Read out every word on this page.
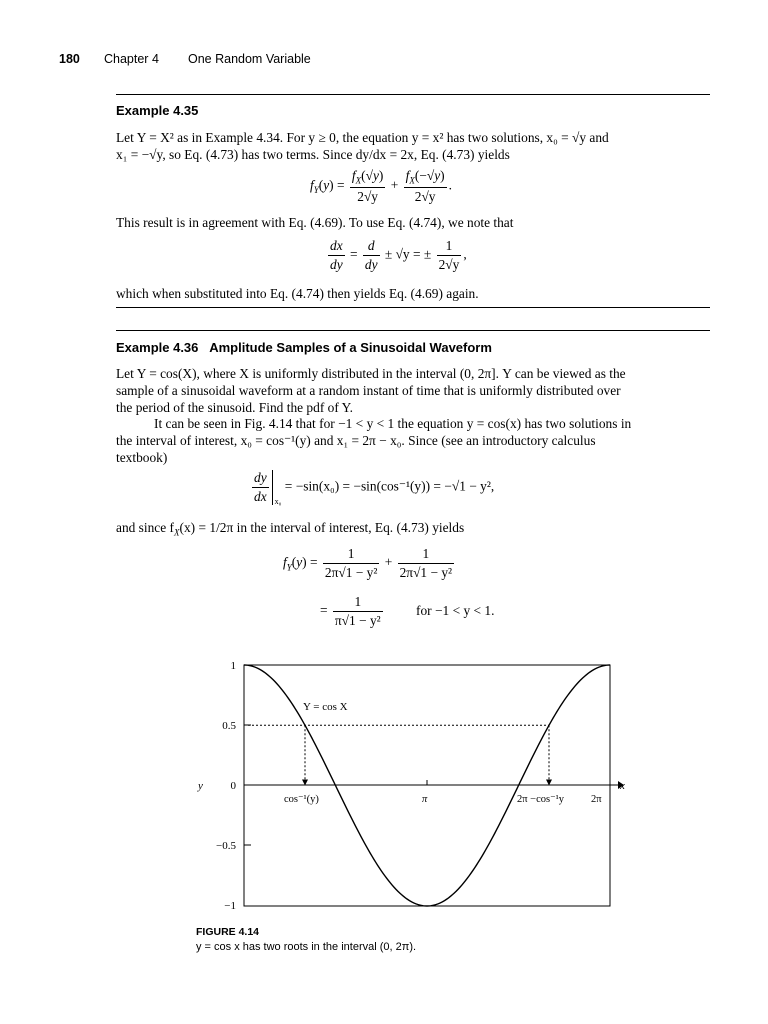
180 Chapter 4 One Random Variable
Example 4.35
Let Y = X² as in Example 4.34. For y ≥ 0, the equation y = x² has two solutions, x₀ = √y and
x₁ = −√y, so Eq. (4.73) has two terms. Since dy/dx = 2x, Eq. (4.73) yields
$f_Y(y) = \frac{f_X(√y)}{2√y} + \frac{f_X(-√y)}{2√y}$ .
This result is in agreement with Eq. (4.69). To use Eq. (4.74), we note that
$\frac{dx}{dy} = \frac{d}{dy} \pm √y$ = ± $\frac{1}{2√y}$ ,
which when substituted into Eq. (4.74) then yields Eq. (4.69) again.
Example 4.36 Amplitude Samples of a Sinusoidal Waveform
Let Y = cos(X), where X is uniformly distributed in the interval (0, 2π]. Y can be viewed as the
sample of a sinusoidal waveform at a random instant of time that is uniformly distributed over
the period of the sinusoid. Find the pdf of Y.
It can be seen in Fig. 4.14 that for −1 < y < 1 the equation y = cos(x) has two solutions in
the interval of interest, x₀ = cos⁻¹(y) and x₁ = 2π − x₀. Since (see an introductory calculus
textbook)
$\frac{dy}{dx} _{x_0} = -\sin(x_0) = -\sin(\cos^{-1}(y)) = -√1 - y^2$,
and since $f_X(x) = 1/2\pi$ in the interval of interest, Eq. (4.73) yields
$f_Y(y) = \frac{1}{\text{2π√1 − y²}} + \frac{1}{\text{2π√1 − y²}}$
= $\frac{1}{\text{π√1 − y²}}$ for −1 < y < 1.
1
0.5
0
−0.5
−1
y	x
Y = cos X
cos⁻¹(y)	π	2π −cos⁻¹y	2π
FIGURE 4.14
y = cos x has two roots in the interval (0, 2π).
